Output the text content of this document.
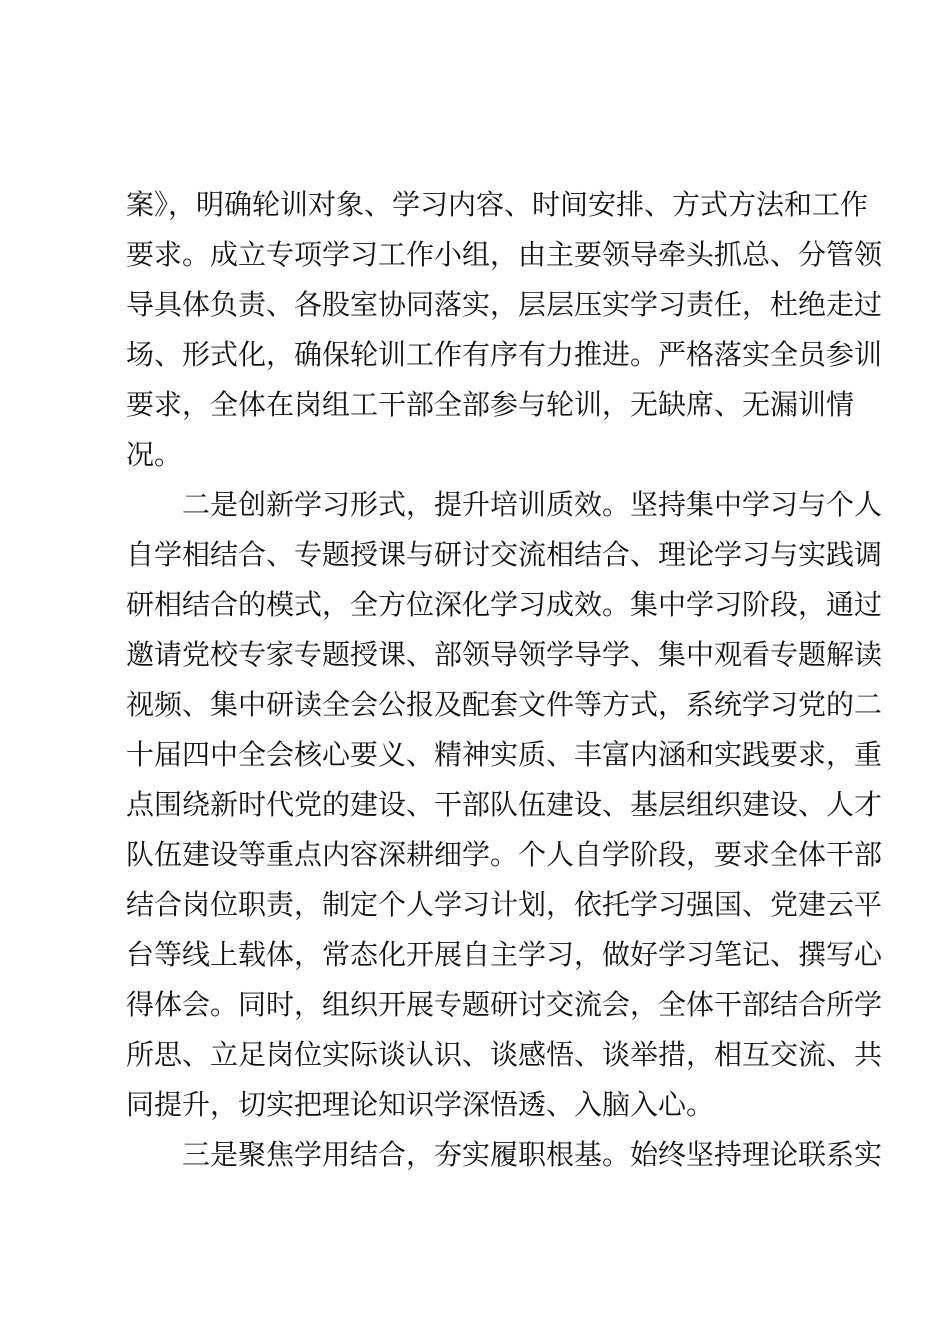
案》，明确轮训对象、学习内容、时间安排、方式方法和工作
要求。成立专项学习工作小组，由主要领导牵头抓总、分管领
导具体负责、各股室协同落实，层层压实学习责任，杜绝走过
场、形式化，确保轮训工作有序有力推进。严格落实全员参训
要求，全体在岗组工干部全部参与轮训，无缺席、无漏训情
况。
二是创新学习形式，提升培训质效。坚持集中学习与个人
自学相结合、专题授课与研讨交流相结合、理论学习与实践调
研相结合的模式，全方位深化学习成效。集中学习阶段，通过
邀请党校专家专题授课、部领导领学导学、集中观看专题解读
视频、集中研读全会公报及配套文件等方式，系统学习党的二
十届四中全会核心要义、精神实质、丰富内涵和实践要求，重
点围绕新时代党的建设、干部队伍建设、基层组织建设、人才
队伍建设等重点内容深耕细学。个人自学阶段，要求全体干部
结合岗位职责，制定个人学习计划，依托学习强国、党建云平
台等线上载体，常态化开展自主学习，做好学习笔记、撰写心
得体会。同时，组织开展专题研讨交流会，全体干部结合所学
所思、立足岗位实际谈认识、谈感悟、谈举措，相互交流、共
同提升，切实把理论知识学深悟透、入脑入心。
三是聚焦学用结合，夯实履职根基。始终坚持理论联系实
